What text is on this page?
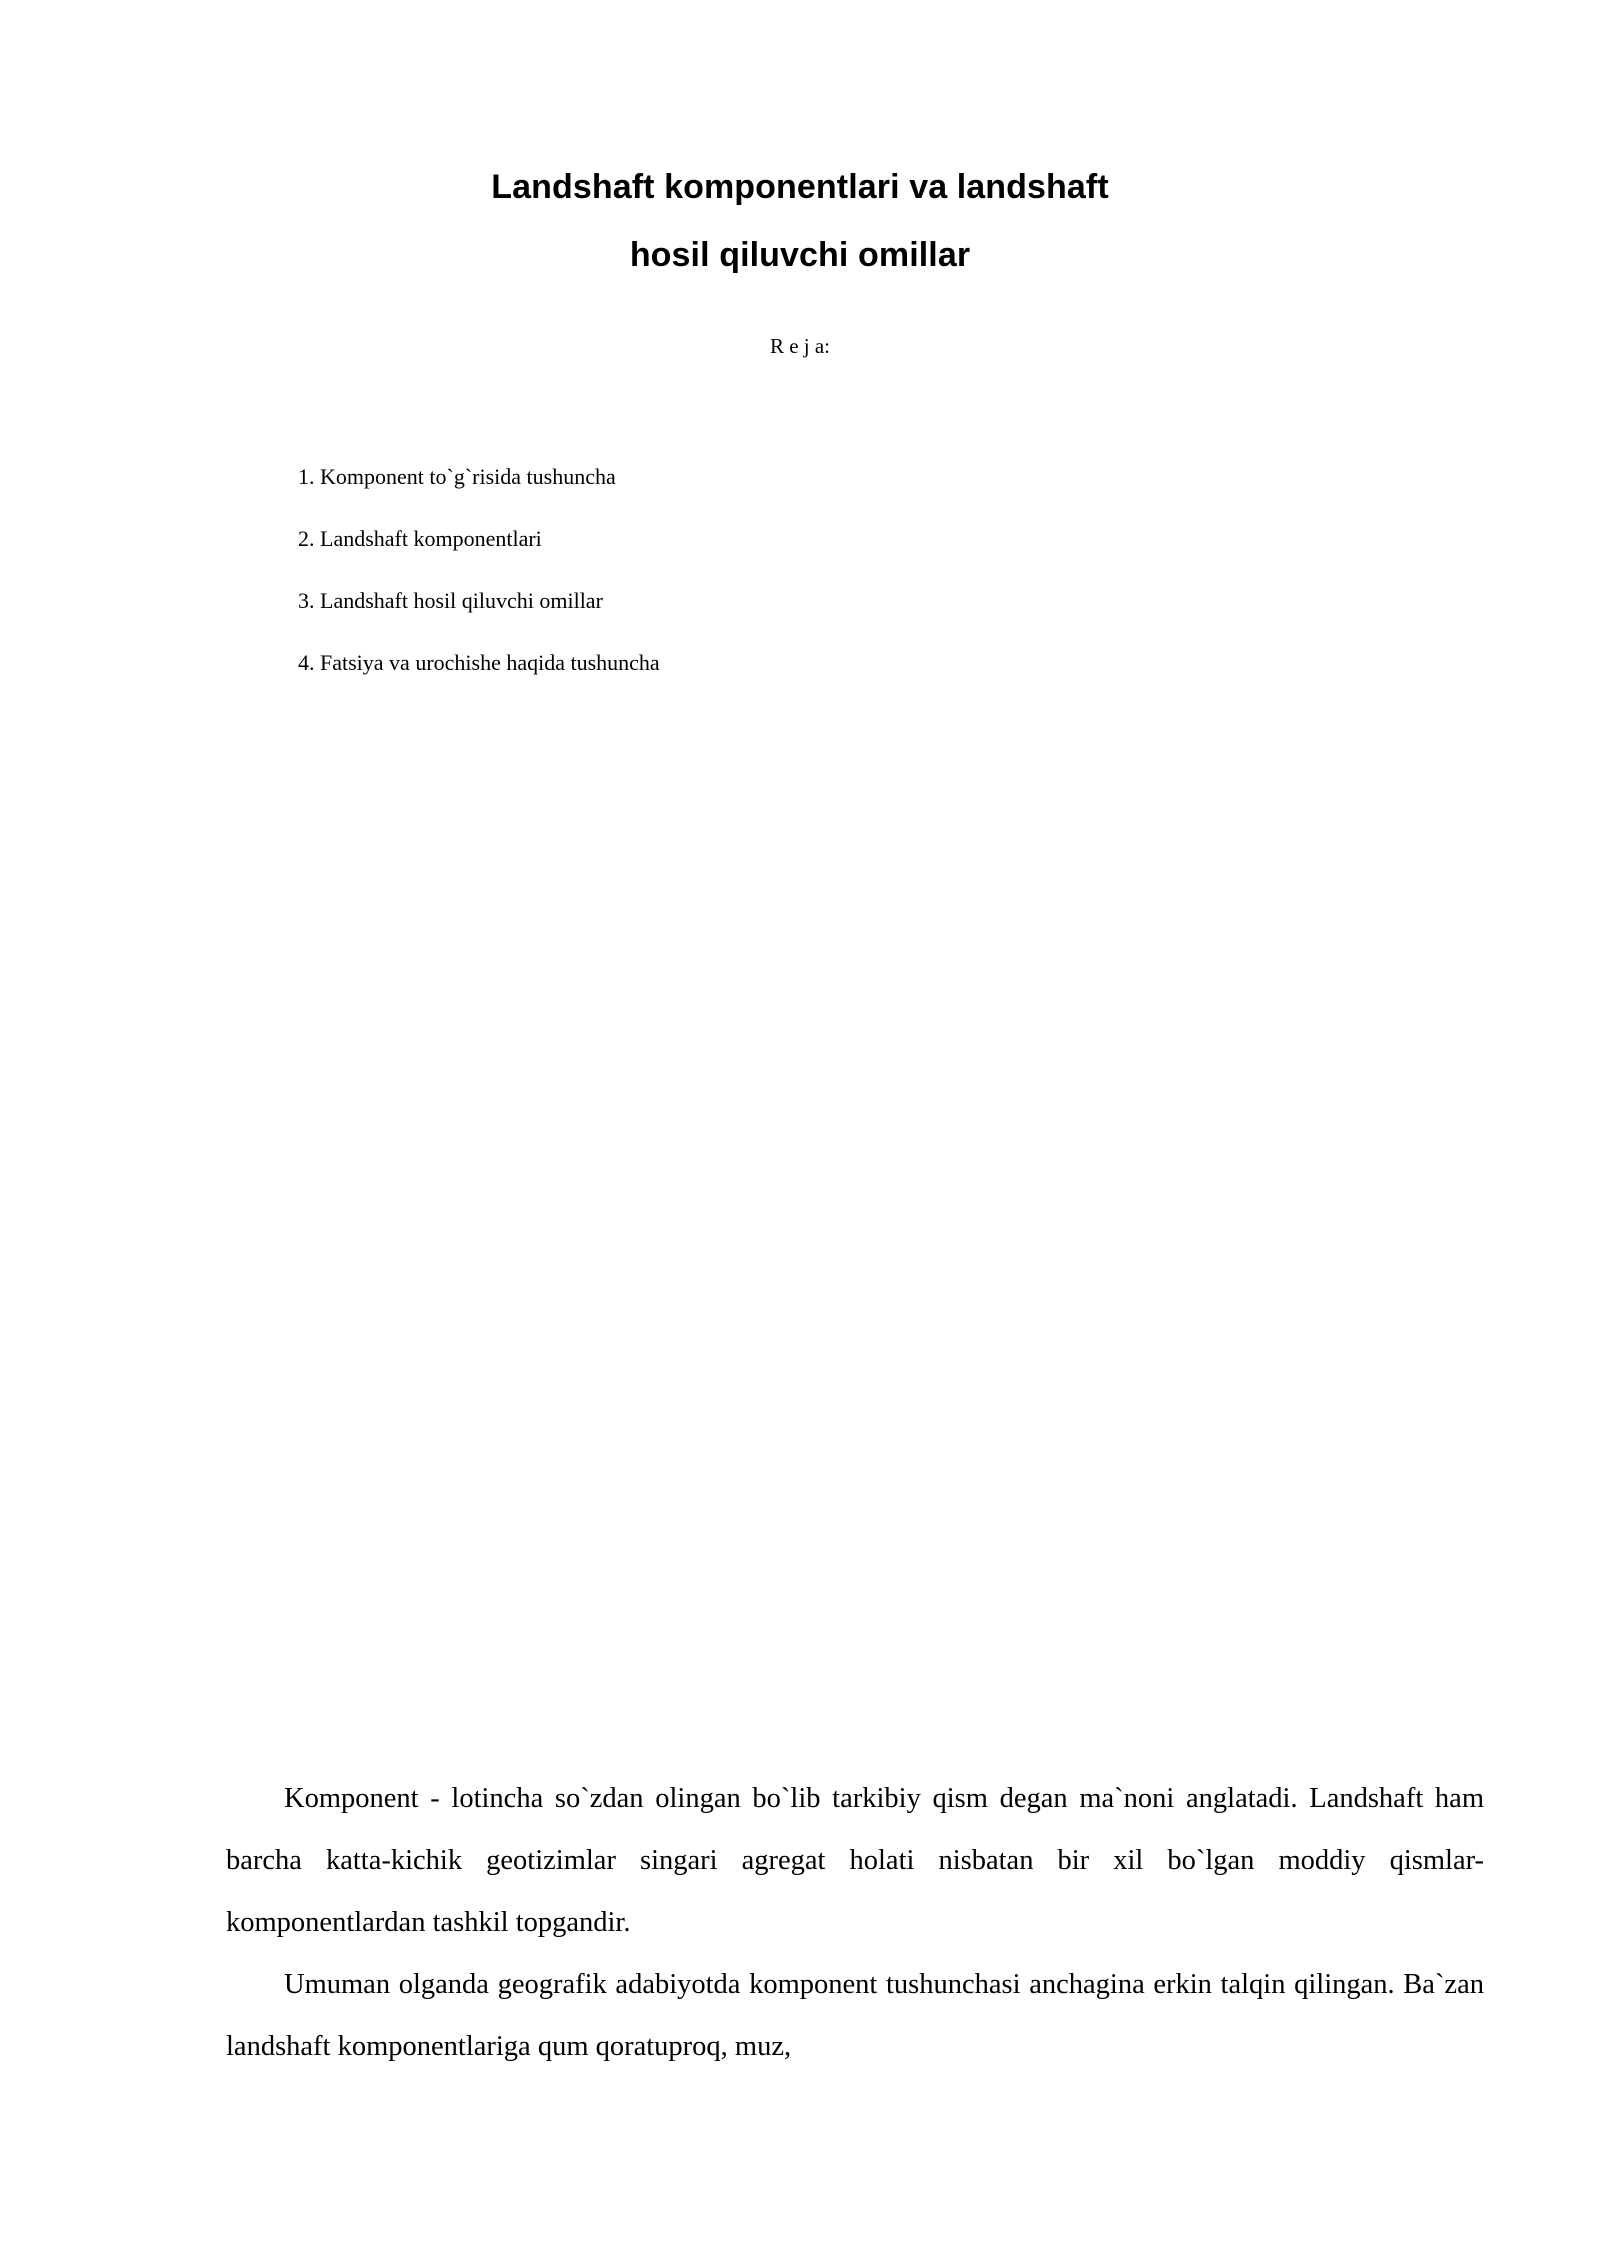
Landshaft komponentlari va landshaft
hosil qiluvchi omillar
R e j a:
1. Komponent to`g`risida tushuncha
2. Landshaft komponentlari
3. Landshaft hosil qiluvchi omillar
4. Fatsiya va urochishe haqida tushuncha

Komponent - lotincha so`zdan olingan bo`lib tarkibiy qism degan ma`noni anglatadi. Landshaft ham barcha katta-kichik geotizimlar singari agregat holati nisbatan bir xil bo`lgan moddiy qismlar- komponentlardan tashkil topgandir.

Umuman olganda geografik adabiyotda komponent tushunchasi anchagina erkin talqin qilingan. Ba`zan landshaft komponentlariga qum qoratuproq, muz,
